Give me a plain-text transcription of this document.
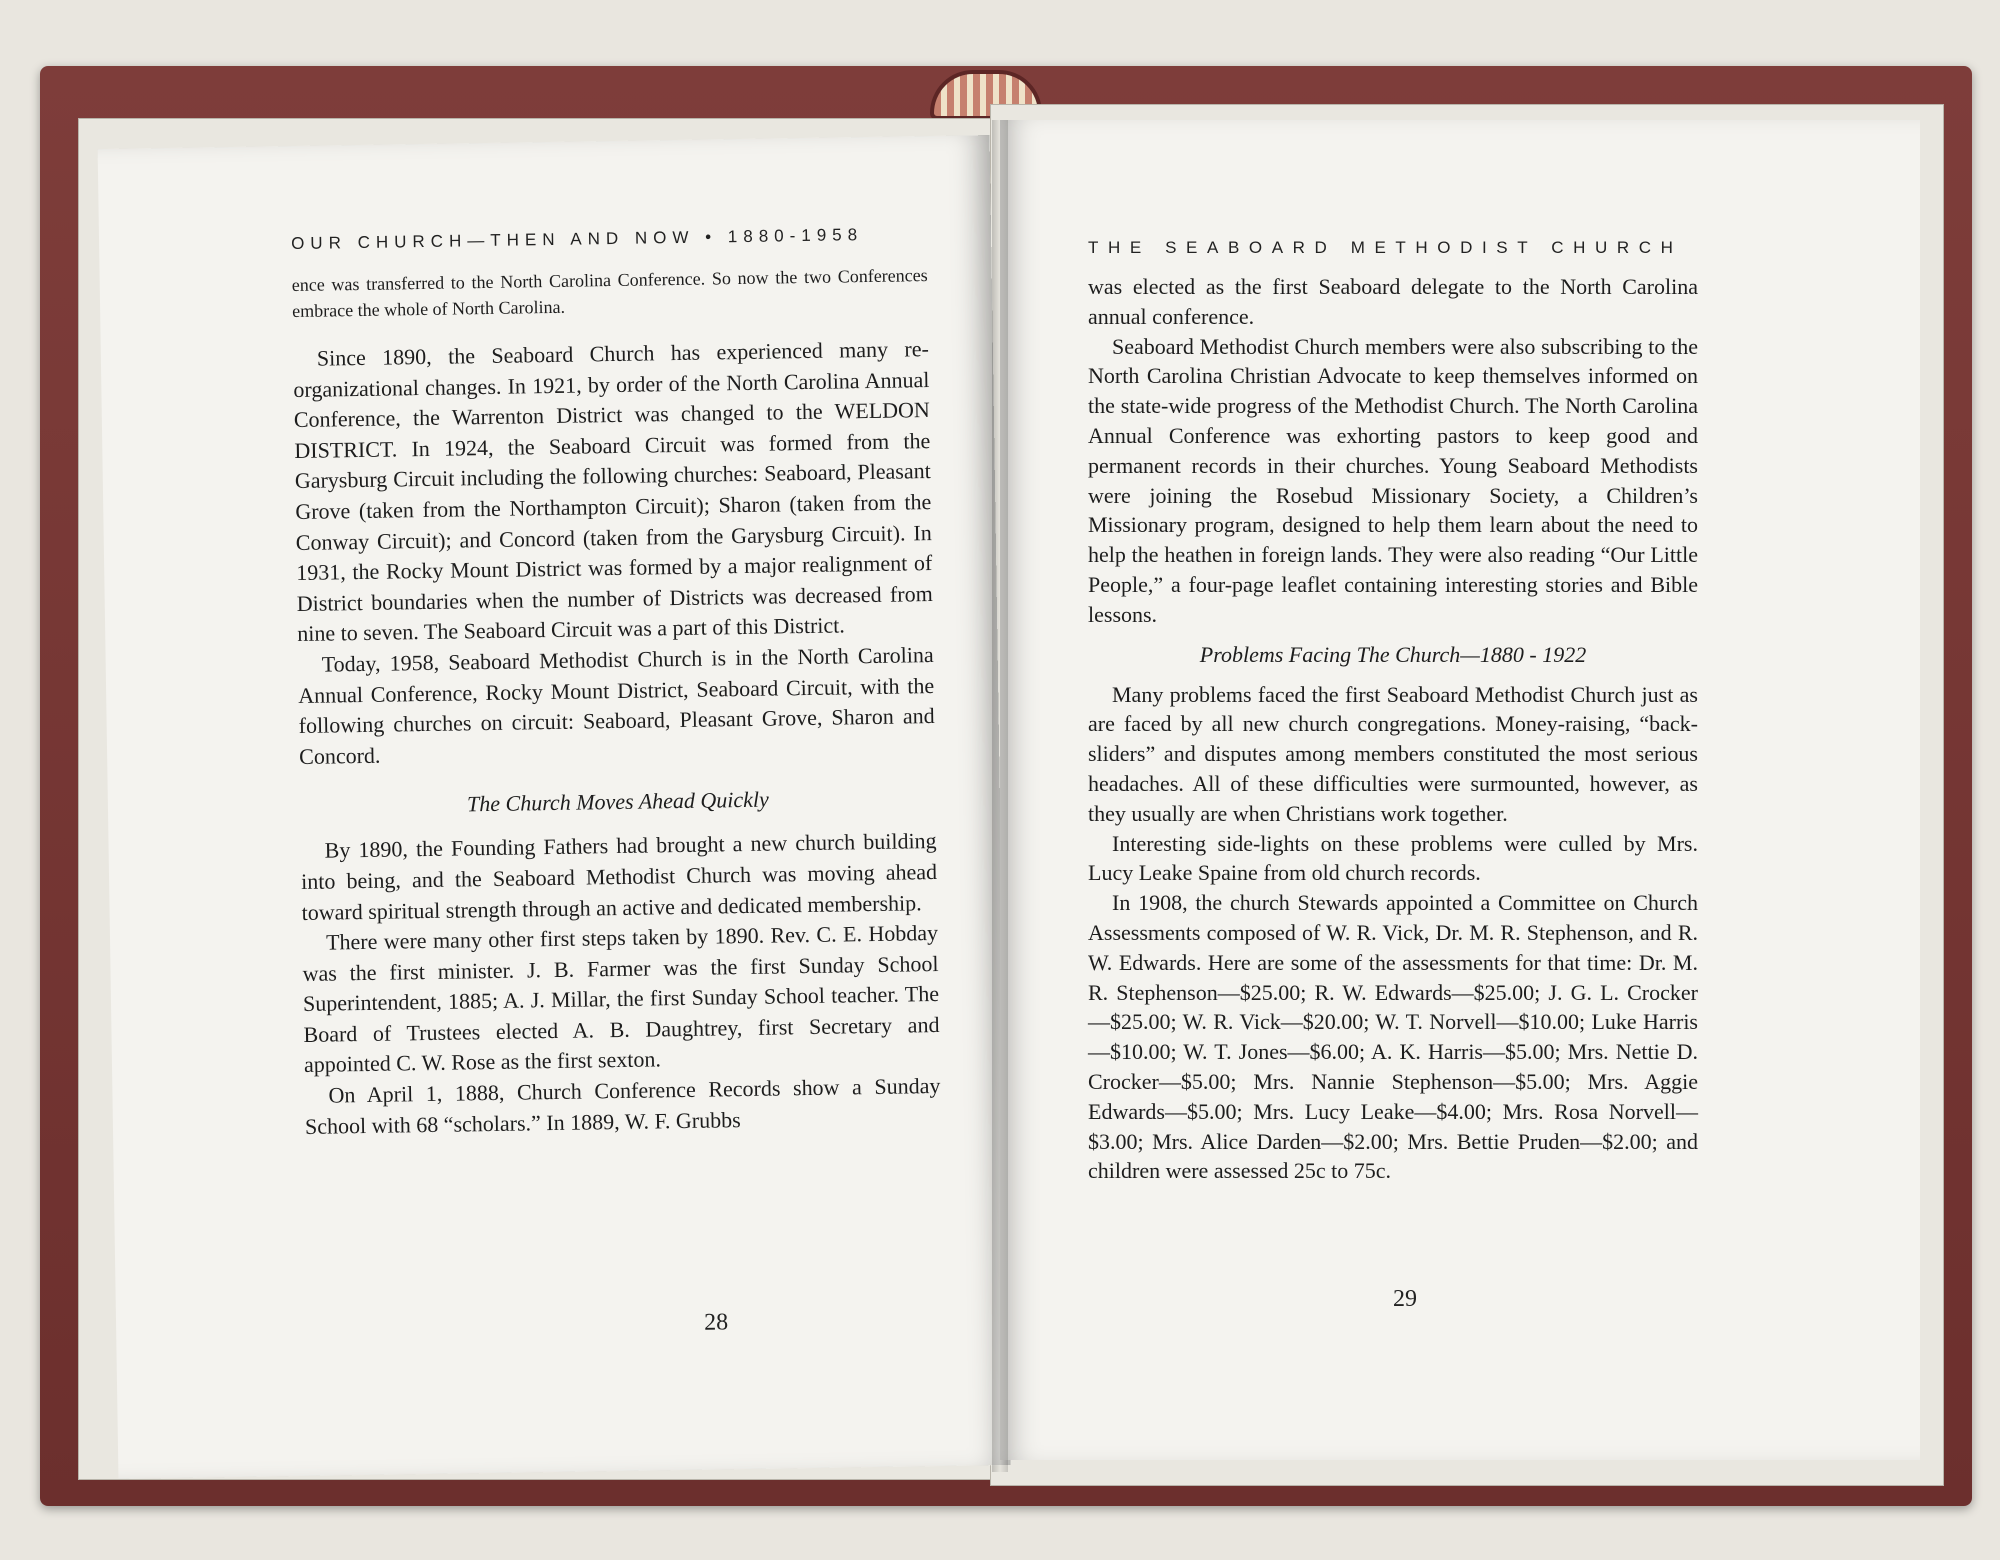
OUR CHURCH—THEN AND NOW • 1880-1958

ence was transferred to the North Carolina Conference. So now the two Conferences embrace the whole of North Carolina.

Since 1890, the Seaboard Church has experienced many re-organizational changes. In 1921, by order of the North Carolina Annual Conference, the Warrenton District was changed to the WELDON DISTRICT. In 1924, the Seaboard Circuit was formed from the Garysburg Circuit including the following churches: Seaboard, Pleasant Grove (taken from the Northampton Circuit); Sharon (taken from the Conway Circuit); and Concord (taken from the Garysburg Circuit). In 1931, the Rocky Mount District was formed by a major realignment of District boundaries when the number of Districts was decreased from nine to seven. The Seaboard Circuit was a part of this District.

Today, 1958, Seaboard Methodist Church is in the North Carolina Annual Conference, Rocky Mount District, Seaboard Circuit, with the following churches on circuit: Seaboard, Pleasant Grove, Sharon and Concord.

The Church Moves Ahead Quickly

By 1890, the Founding Fathers had brought a new church building into being, and the Seaboard Methodist Church was moving ahead toward spiritual strength through an active and dedicated membership.

There were many other first steps taken by 1890. Rev. C. E. Hobday was the first minister. J. B. Farmer was the first Sunday School Superintendent, 1885; A. J. Millar, the first Sunday School teacher. The Board of Trustees elected A. B. Daughtrey, first Secretary and appointed C. W. Rose as the first sexton.

On April 1, 1888, Church Conference Records show a Sunday School with 68 “scholars.” In 1889, W. F. Grubbs

28
THE SEABOARD METHODIST CHURCH

was elected as the first Seaboard delegate to the North Carolina annual conference.

Seaboard Methodist Church members were also subscribing to the North Carolina Christian Advocate to keep themselves informed on the state-wide progress of the Methodist Church. The North Carolina Annual Conference was exhorting pastors to keep good and permanent records in their churches. Young Seaboard Methodists were joining the Rosebud Missionary Society, a Children’s Missionary program, designed to help them learn about the need to help the heathen in foreign lands. They were also reading “Our Little People,” a four-page leaflet containing interesting stories and Bible lessons.

Problems Facing The Church—1880 - 1922

Many problems faced the first Seaboard Methodist Church just as are faced by all new church congregations. Money-raising, “back-sliders” and disputes among members constituted the most serious headaches. All of these difficulties were surmounted, however, as they usually are when Christians work together.

Interesting side-lights on these problems were culled by Mrs. Lucy Leake Spaine from old church records.

In 1908, the church Stewards appointed a Committee on Church Assessments composed of W. R. Vick, Dr. M. R. Stephenson, and R. W. Edwards. Here are some of the assessments for that time: Dr. M. R. Stephenson—$25.00; R. W. Edwards—$25.00; J. G. L. Crocker—$25.00; W. R. Vick—$20.00; W. T. Norvell—$10.00; Luke Harris—$10.00; W. T. Jones—$6.00; A. K. Harris—$5.00; Mrs. Nettie D. Crocker—$5.00; Mrs. Nannie Stephenson—$5.00; Mrs. Aggie Edwards—$5.00; Mrs. Lucy Leake—$4.00; Mrs. Rosa Norvell—$3.00; Mrs. Alice Darden—$2.00; Mrs. Bettie Pruden—$2.00; and children were assessed 25c to 75c.

29
